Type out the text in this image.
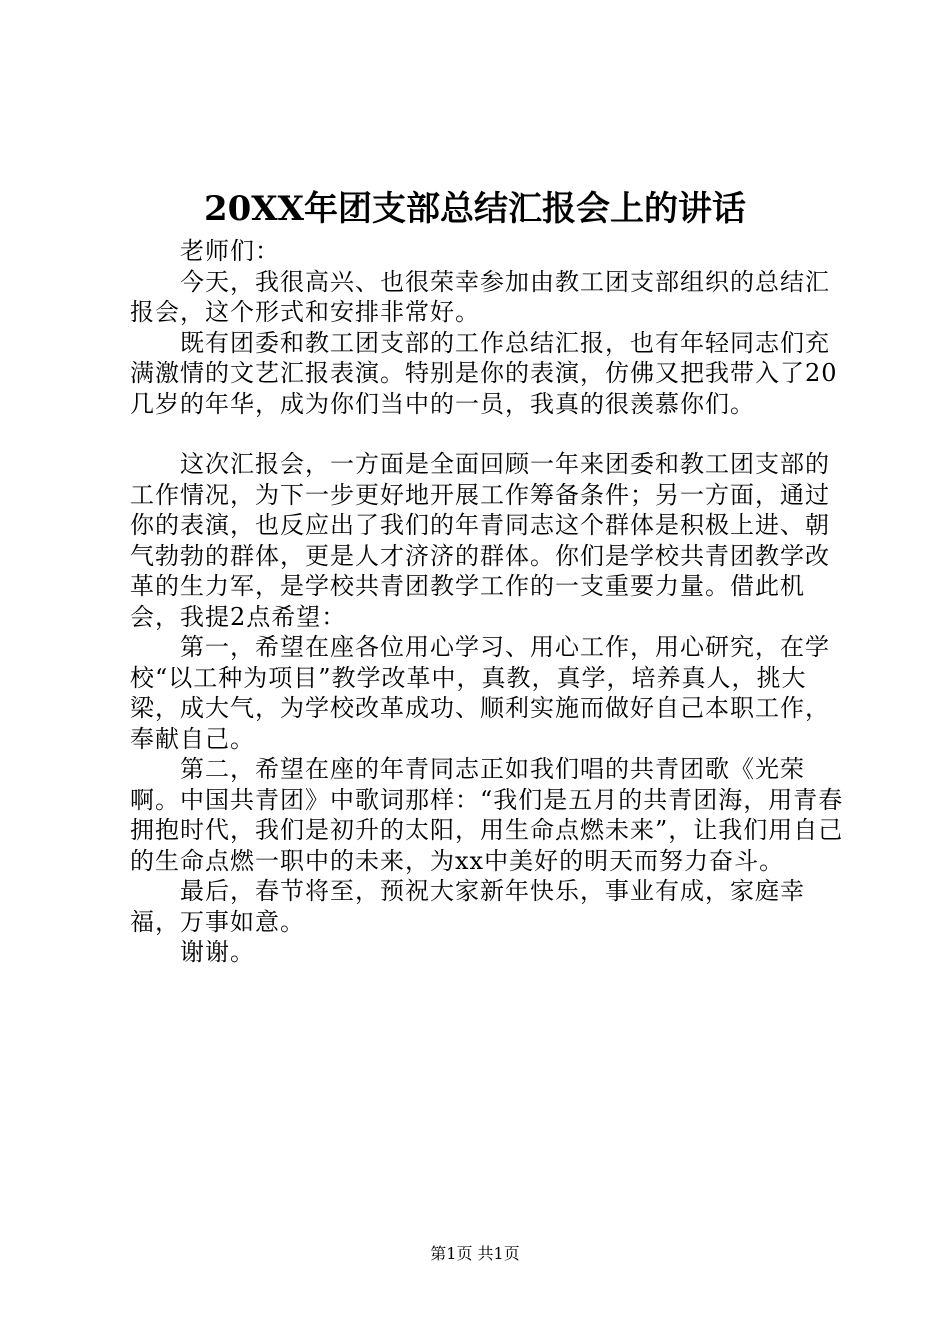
20XX年团支部总结汇报会上的讲话

老师们：

今天，我很高兴、也很荣幸参加由教工团支部组织的总结汇报会，这个形式和安排非常好。

既有团委和教工团支部的工作总结汇报，也有年轻同志们充满激情的文艺汇报表演。特别是你的表演，仿佛又把我带入了20几岁的年华，成为你们当中的一员，我真的很羡慕你们。

这次汇报会，一方面是全面回顾一年来团委和教工团支部的工作情况，为下一步更好地开展工作筹备条件；另一方面，通过你的表演，也反应出了我们的年青同志这个群体是积极上进、朝气勃勃的群体，更是人才济济的群体。你们是学校共青团教学改革的生力军，是学校共青团教学工作的一支重要力量。借此机会，我提2点希望：

第一，希望在座各位用心学习、用心工作，用心研究，在学校“以工种为项目”教学改革中，真教，真学，培养真人，挑大梁，成大气，为学校改革成功、顺利实施而做好自己本职工作，奉献自己。

第二，希望在座的年青同志正如我们唱的共青团歌《光荣啊。中国共青团》中歌词那样：“我们是五月的共青团海，用青春拥抱时代，我们是初升的太阳，用生命点燃未来”，让我们用自己的生命点燃一职中的未来，为xx中美好的明天而努力奋斗。

最后，春节将至，预祝大家新年快乐，事业有成，家庭幸福，万事如意。

谢谢。

第1页 共1页
